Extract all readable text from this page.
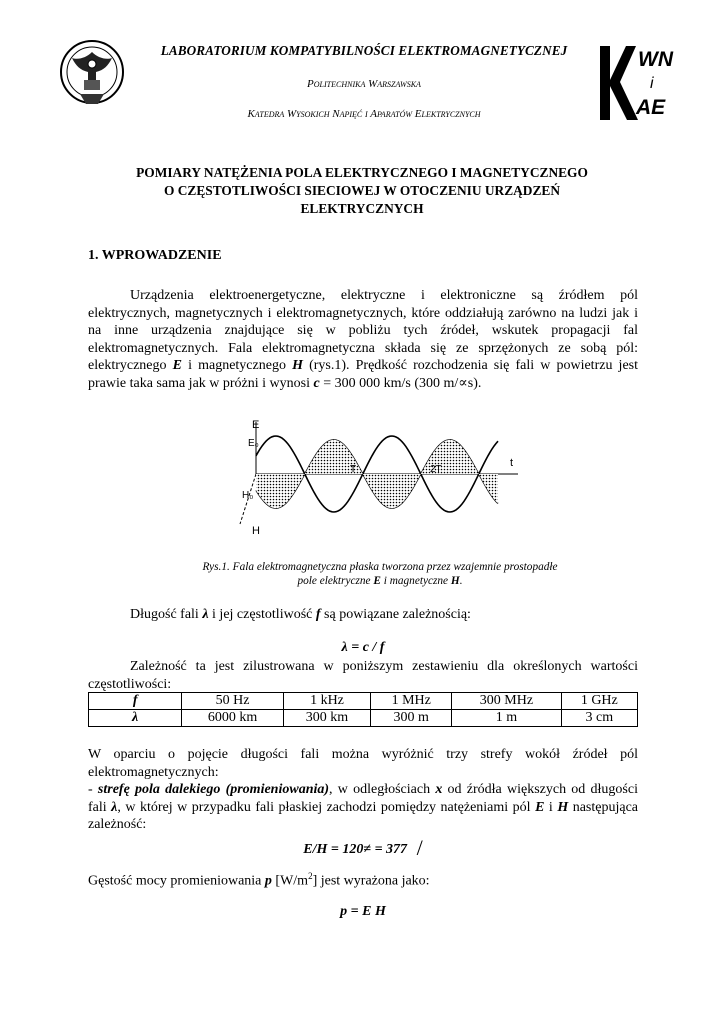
LABORATORIUM KOMPATYBILNOŚCI ELEKTROMAGNETYCZNEJ
Politechnika Warszawska
Katedra Wysokich Napięć i Aparatów Elektrycznych
WN
i
AE
POMIARY NATĘŻENIA POLA ELEKTRYCZNEGO I MAGNETYCZNEGO
O CZĘSTOTLIWOŚCI SIECIOWEJ W OTOCZENIU URZĄDZEŃ
ELEKTRYCZNYCH
1. WPROWADZENIE
Urządzenia elektroenergetyczne, elektryczne i elektroniczne są źródłem pól elektrycznych, magnetycznych i elektromagnetycznych, które oddziałują zarówno na ludzi jak i na inne urządzenia znajdujące się w pobliżu tych źródeł, wskutek propagacji fal elektromagnetycznych. Fala elektromagnetyczna składa się ze sprzężonych ze sobą pól: elektrycznego E i magnetycznego H (rys.1). Prędkość rozchodzenia się fali w powietrzu jest prawie taka sama jak w próżni i wynosi c = 300 000 km/s (300 m/∝s).
E
E₀
H₀
H
T	2T
t
Rys.1. Fala elektromagnetyczna płaska tworzona przez wzajemnie prostopadłe
pole elektryczne E i magnetyczne H.
Długość fali λ i jej częstotliwość f są powiązane zależnością:
λ = c / f
Zależność ta jest zilustrowana w poniższym zestawieniu dla określonych wartości częstotliwości:
f	50 Hz	1 kHz	1 MHz	300 MHz	1 GHz
λ	6000 km	300 km	300 m	1 m	3 cm
W oparciu o pojęcie długości fali można wyróżnić trzy strefy wokół źródeł pól elektromagnetycznych:
- strefę pola dalekiego (promieniowania), w odległościach x od źródła większych od długości fali λ, w której w przypadku fali płaskiej zachodzi pomiędzy natężeniami pól E i H następująca zależność:
E/H = 120≠ = 377 /
Gęstość mocy promieniowania p $[W/m^2]$ jest wyrażona jako:
p = E H
